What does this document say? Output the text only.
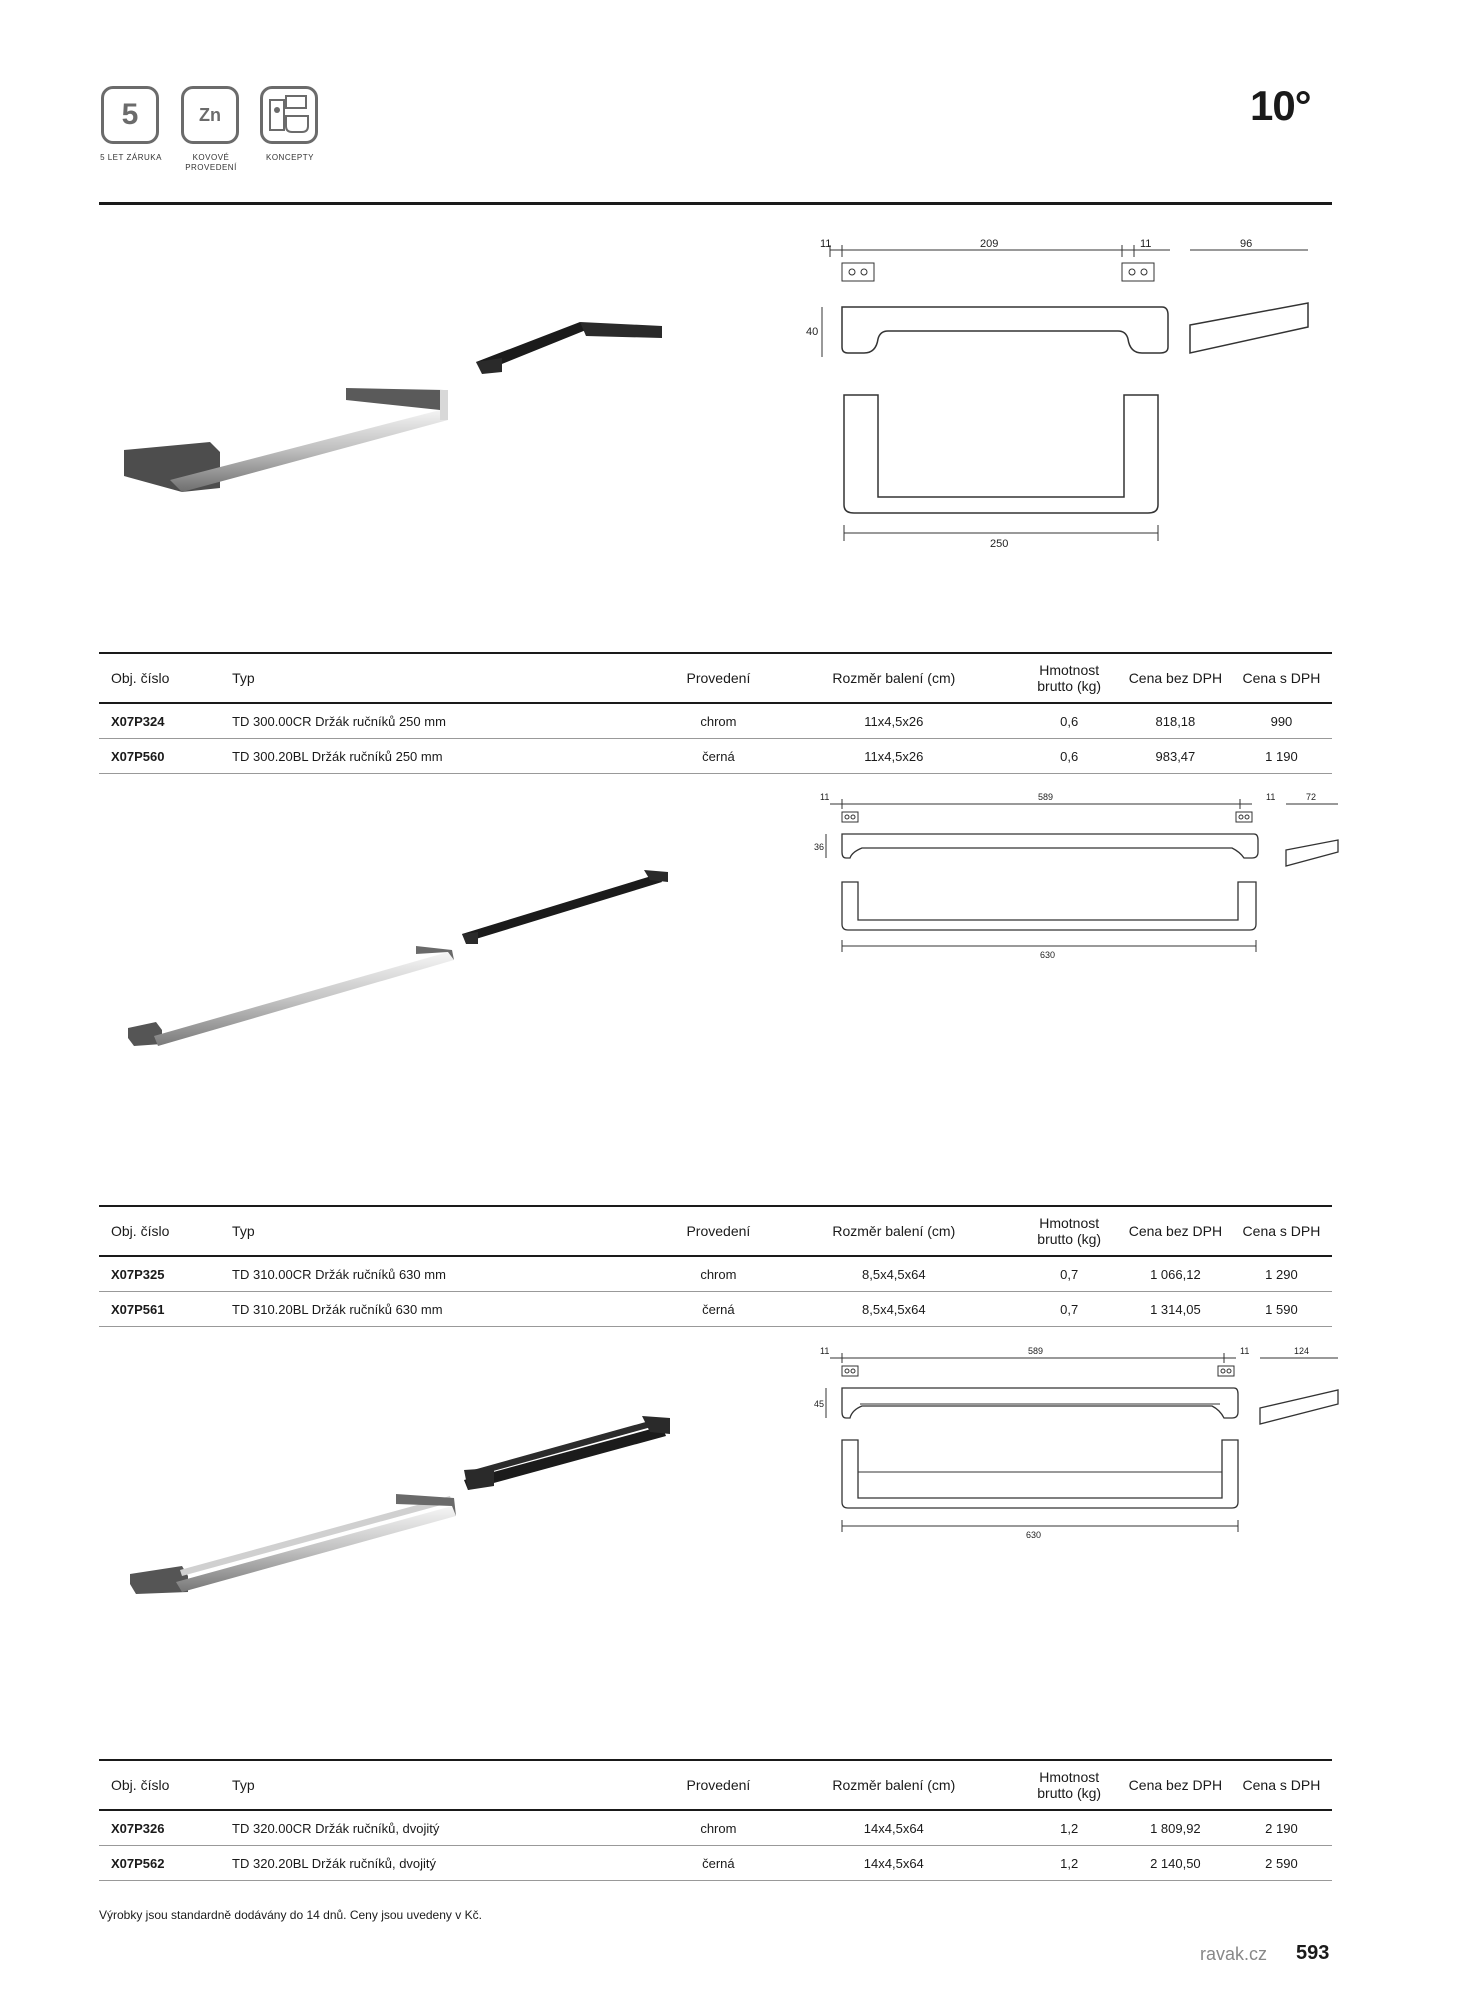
5
5 LET ZÁRUKA
Zn
KOVOVÉ
PROVEDENÍ
KONCEPTY
10°
11	209	11	96
40
250
Obj. číslo	Typ	Provedení	Rozměr balení (cm)	Hmotnost
brutto (kg)	Cena bez DPH	Cena s DPH
X07P324	TD 300.00CR Držák ručníků 250 mm	chrom	11x4,5x26	0,6	818,18	990
X07P560	TD 300.20BL Držák ručníků 250 mm	černá	11x4,5x26	0,6	983,47	1 190
11	589	11	72
36
630
Obj. číslo	Typ	Provedení	Rozměr balení (cm)	Hmotnost
brutto (kg)	Cena bez DPH	Cena s DPH
X07P325	TD 310.00CR Držák ručníků 630 mm	chrom	8,5x4,5x64	0,7	1 066,12	1 290
X07P561	TD 310.20BL Držák ručníků 630 mm	černá	8,5x4,5x64	0,7	1 314,05	1 590
11	589	11	124
45
630
Obj. číslo	Typ	Provedení	Rozměr balení (cm)	Hmotnost
brutto (kg)	Cena bez DPH	Cena s DPH
X07P326	TD 320.00CR Držák ručníků, dvojitý	chrom	14x4,5x64	1,2	1 809,92	2 190
X07P562	TD 320.20BL Držák ručníků, dvojitý	černá	14x4,5x64	1,2	2 140,50	2 590
Výrobky jsou standardně dodávány do 14 dnů. Ceny jsou uvedeny v Kč.
ravak.cz 593
